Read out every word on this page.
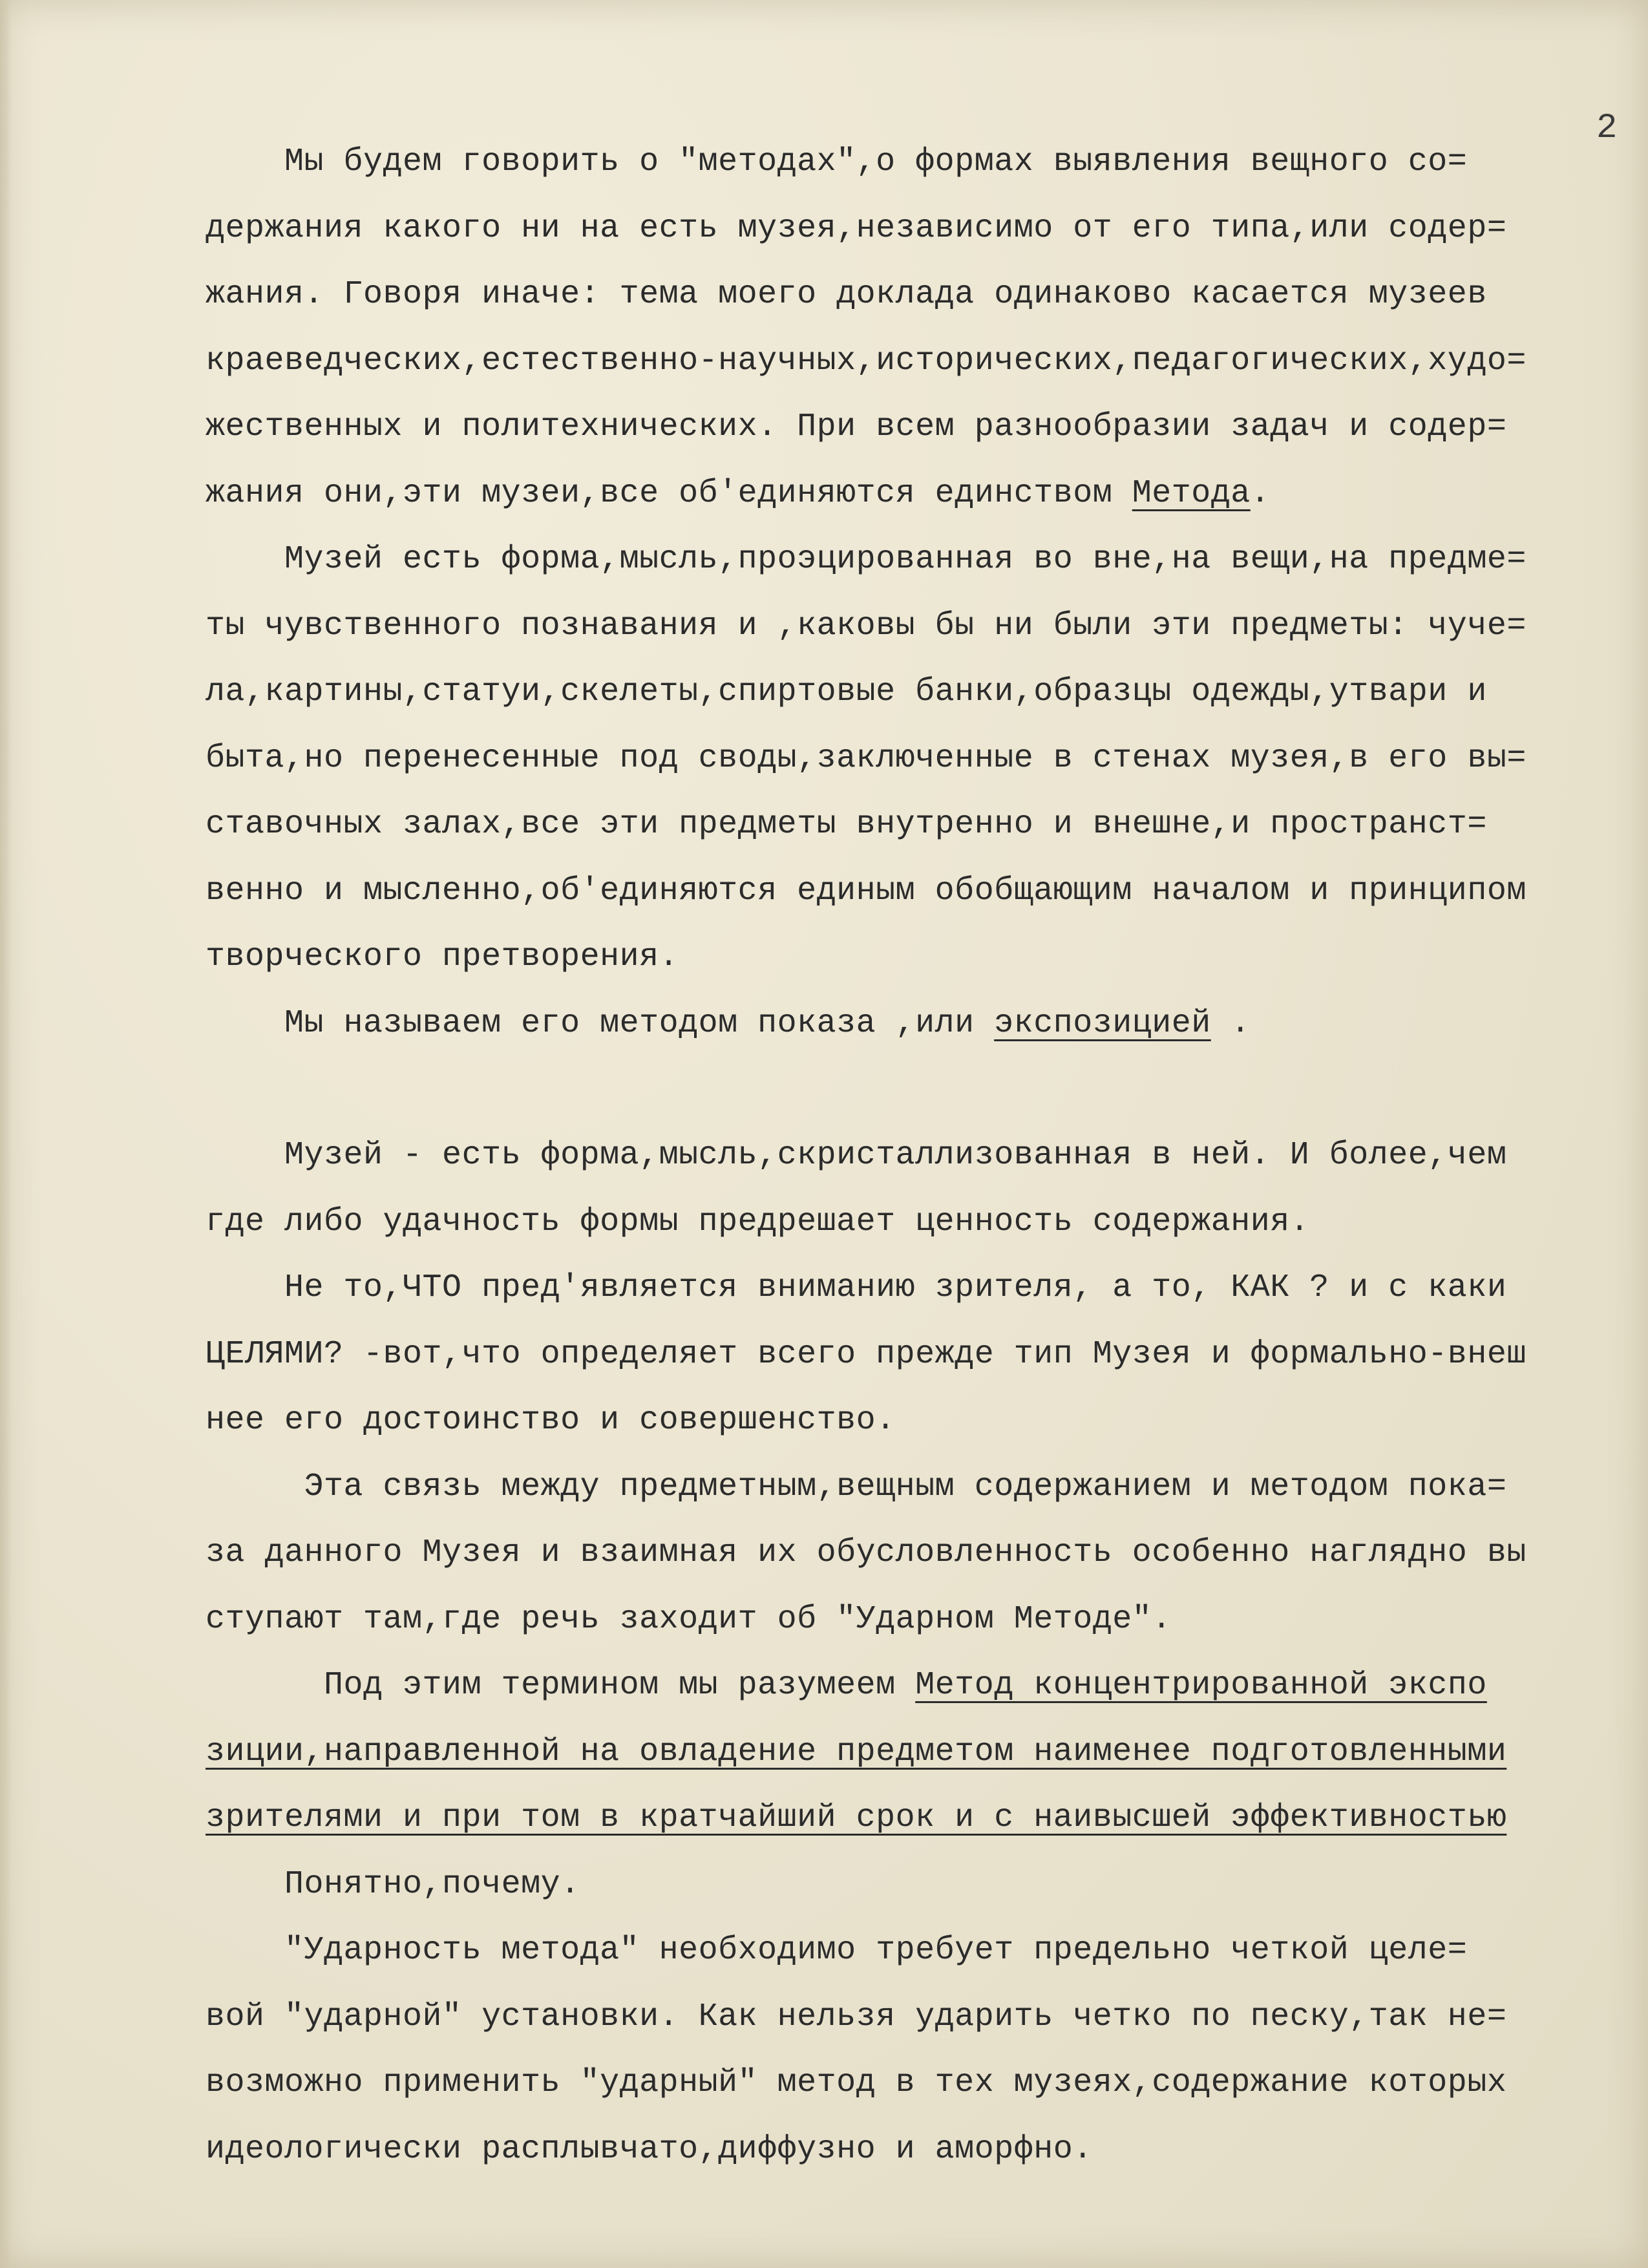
2
Мы будем говорить о "методах",о формах выявления вещного со=
держания какого ни на есть музея,независимо от его типа,или содер=
жания. Говоря иначе: тема моего доклада одинаково касается музеев
краеведческих,естественно-научных,исторических,педагогических,худо=
жественных и политехнических. При всем разнообразии задач и содер=
жания они,эти музеи,все об'единяются единством Метода.
Музей есть форма,мысль,проэцированная во вне,на вещи,на предме=
ты чувственного познавания и ,каковы бы ни были эти предметы: чуче=
ла,картины,статуи,скелеты,спиртовые банки,образцы одежды,утвари и
быта,но перенесенные под своды,заключенные в стенах музея,в его вы=
ставочных залах,все эти предметы внутренно и внешне,и пространст=
венно и мысленно,об'единяются единым обобщающим началом и принципом
творческого претворения.
Мы называем его методом показа ,или экспозицией .
Музей - есть форма,мысль,скристаллизованная в ней. И более,чем
где либо удачность формы предрешает ценность содержания.
Не то,ЧТО пред'является вниманию зрителя, а то, КАК ? и с каки
ЦЕЛЯМИ? -вот,что определяет всего прежде тип Музея и формально-внеш
нее его достоинство и совершенство.
Эта связь между предметным,вещным содержанием и методом пока=
за данного Музея и взаимная их обусловленность особенно наглядно вы
ступают там,где речь заходит об "Ударном Методе".
Под этим термином мы разумеем Метод концентрированной экспо
зиции,направленной на овладение предметом наименее подготовленными
зрителями и при том в кратчайший срок и с наивысшей эффективностью
Понятно,почему.
"Ударность метода" необходимо требует предельно четкой целе=
вой "ударной" установки. Как нельзя ударить четко по песку,так не=
возможно применить "ударный" метод в тех музеях,содержание которых
идеологически расплывчато,диффузно и аморфно.
